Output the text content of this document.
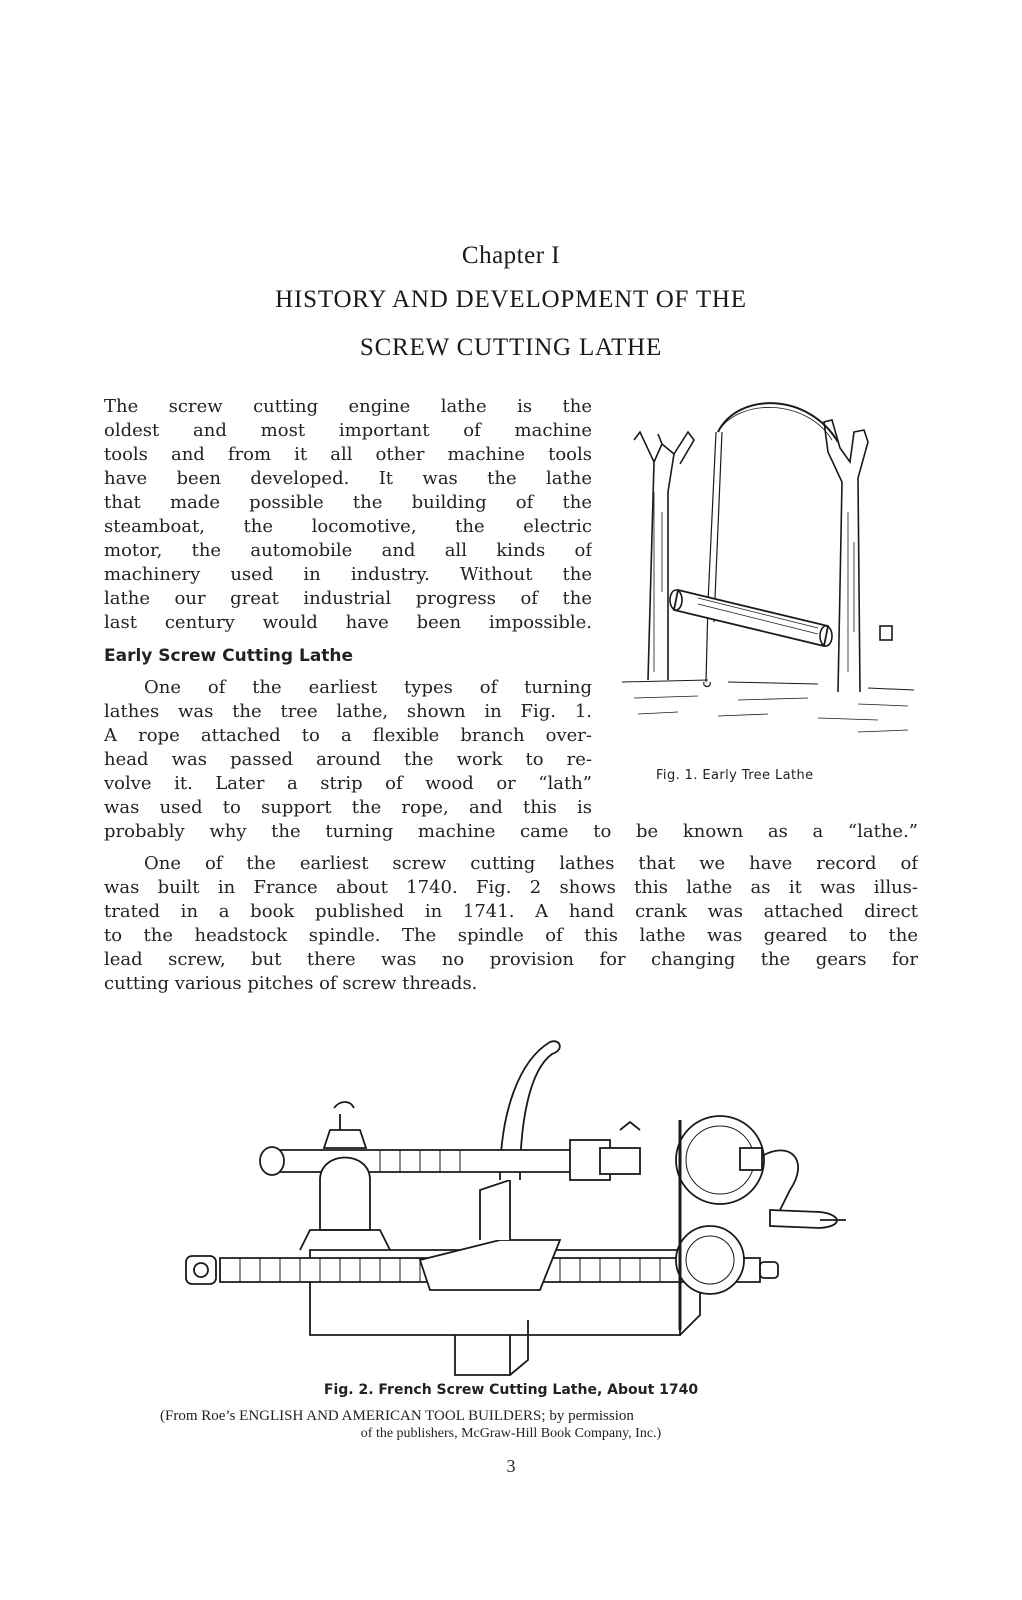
Chapter I
HISTORY AND DEVELOPMENT OF THE
SCREW CUTTING LATHE
The screw cutting engine lathe is the
oldest and most important of machine
tools and from it all other machine tools
have been developed. It was the lathe
that made possible the building of the
steamboat, the locomotive, the electric
motor, the automobile and all kinds of
machinery used in industry. Without the
lathe our great industrial progress of the
last century would have been impossible.
Early Screw Cutting Lathe
One of the earliest types of turning
lathes was the tree lathe, shown in Fig. 1.
A rope attached to a flexible branch over-
head was passed around the work to re-
volve it. Later a strip of wood or “lath”
was used to support the rope, and this is
probably why the turning machine came to be known as a “lathe.”
One of the earliest screw cutting lathes that we have record of
was built in France about 1740. Fig. 2 shows this lathe as it was illus-
trated in a book published in 1741. A hand crank was attached direct
to the headstock spindle. The spindle of this lathe was geared to the
lead screw, but there was no provision for changing the gears for
cutting various pitches of screw threads.
Fig. 1. Early Tree Lathe
Fig. 2. French Screw Cutting Lathe, About 1740
(From Roe’s ENGLISH AND AMERICAN TOOL BUILDERS; by permission
of the publishers, McGraw-Hill Book Company, Inc.)
3
